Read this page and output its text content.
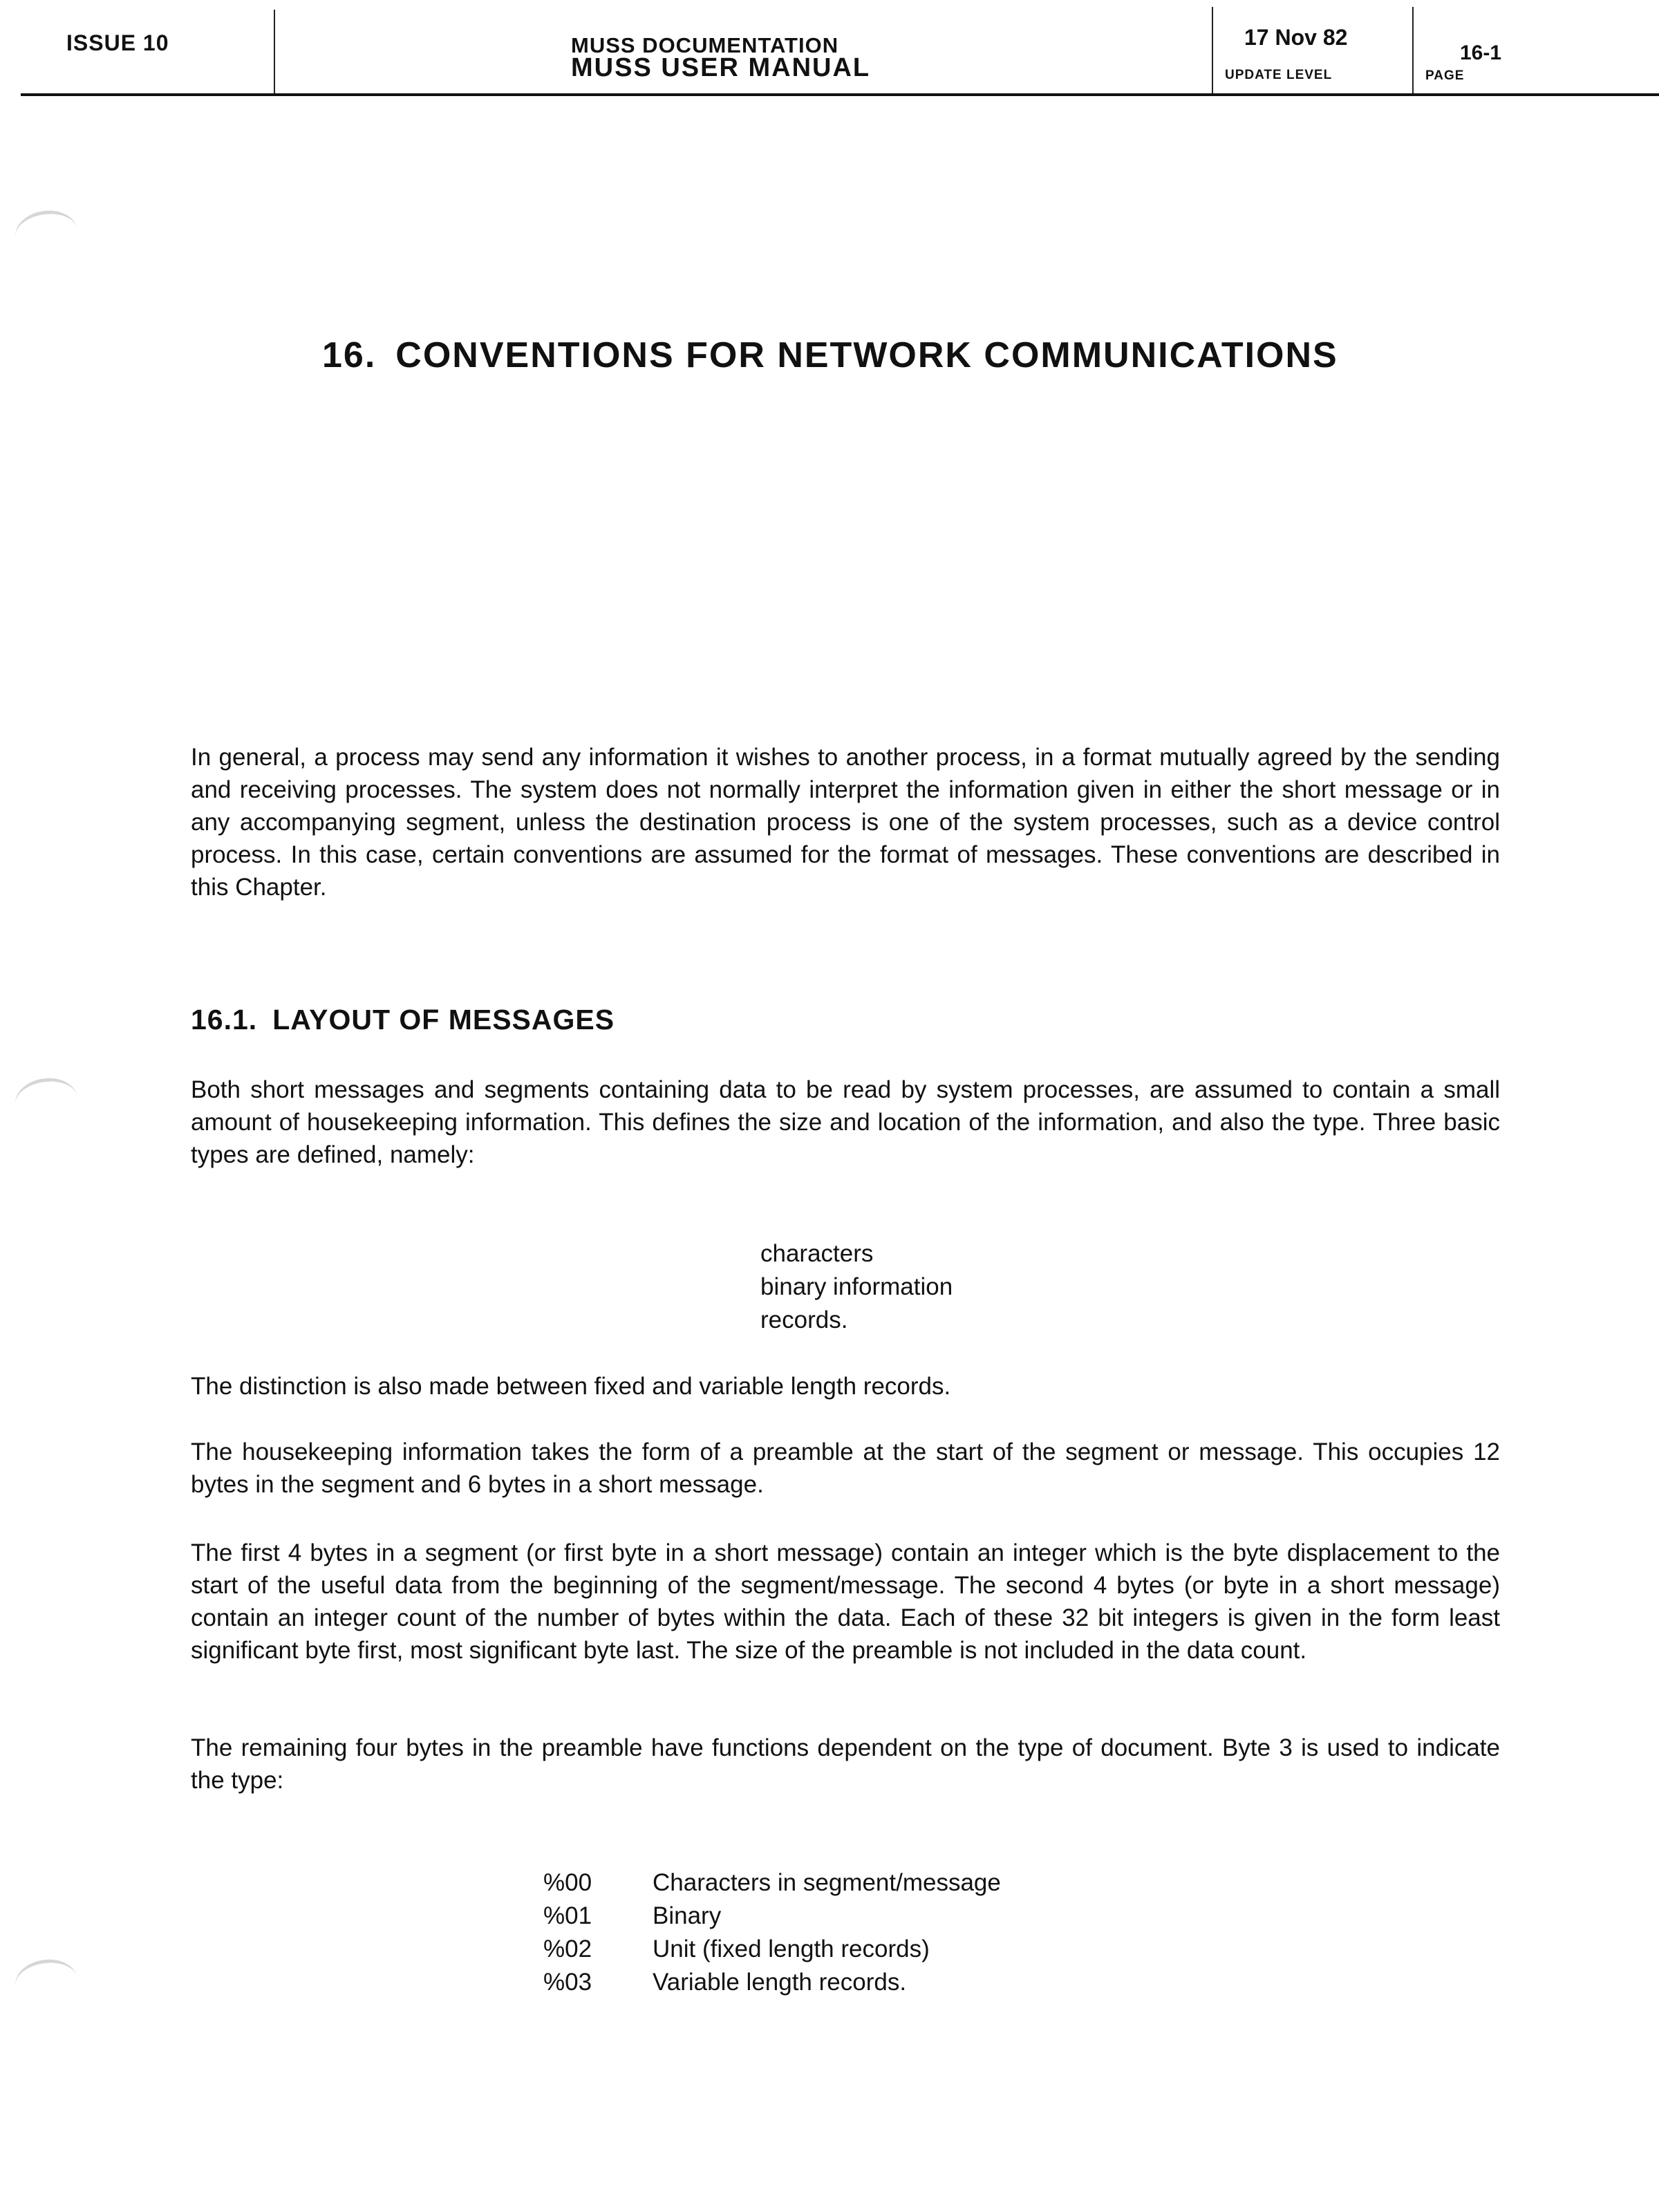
ISSUE 10	MUSS DOCUMENTATION
MUSS USER MANUAL
17 Nov 82
UPDATE LEVEL
16-1
PAGE
16. CONVENTIONS FOR NETWORK COMMUNICATIONS

In general, a process may send any information it wishes to another process, in a format mutually agreed by the sending and receiving processes. The system does not normally interpret the information given in either the short message or in any accompanying segment, unless the destination process is one of the system processes, such as a device control process. In this case, certain conventions are assumed for the format of messages. These conventions are described in this Chapter.

16.1. LAYOUT OF MESSAGES

Both short messages and segments containing data to be read by system processes, are assumed to contain a small amount of housekeeping information. This defines the size and location of the information, and also the type. Three basic types are defined, namely:

characters
binary information
records.

The distinction is also made between fixed and variable length records.

The housekeeping information takes the form of a preamble at the start of the segment or message. This occupies 12 bytes in the segment and 6 bytes in a short message.

The first 4 bytes in a segment (or first byte in a short message) contain an integer which is the byte displacement to the start of the useful data from the beginning of the segment/message. The second 4 bytes (or byte in a short message) contain an integer count of the number of bytes within the data. Each of these 32 bit integers is given in the form least significant byte first, most significant byte last. The size of the preamble is not included in the data count.

The remaining four bytes in the preamble have functions dependent on the type of document. Byte 3 is used to indicate the type:

%00	Characters in segment/message
%01	Binary
%02	Unit (fixed length records)
%03	Variable length records.
